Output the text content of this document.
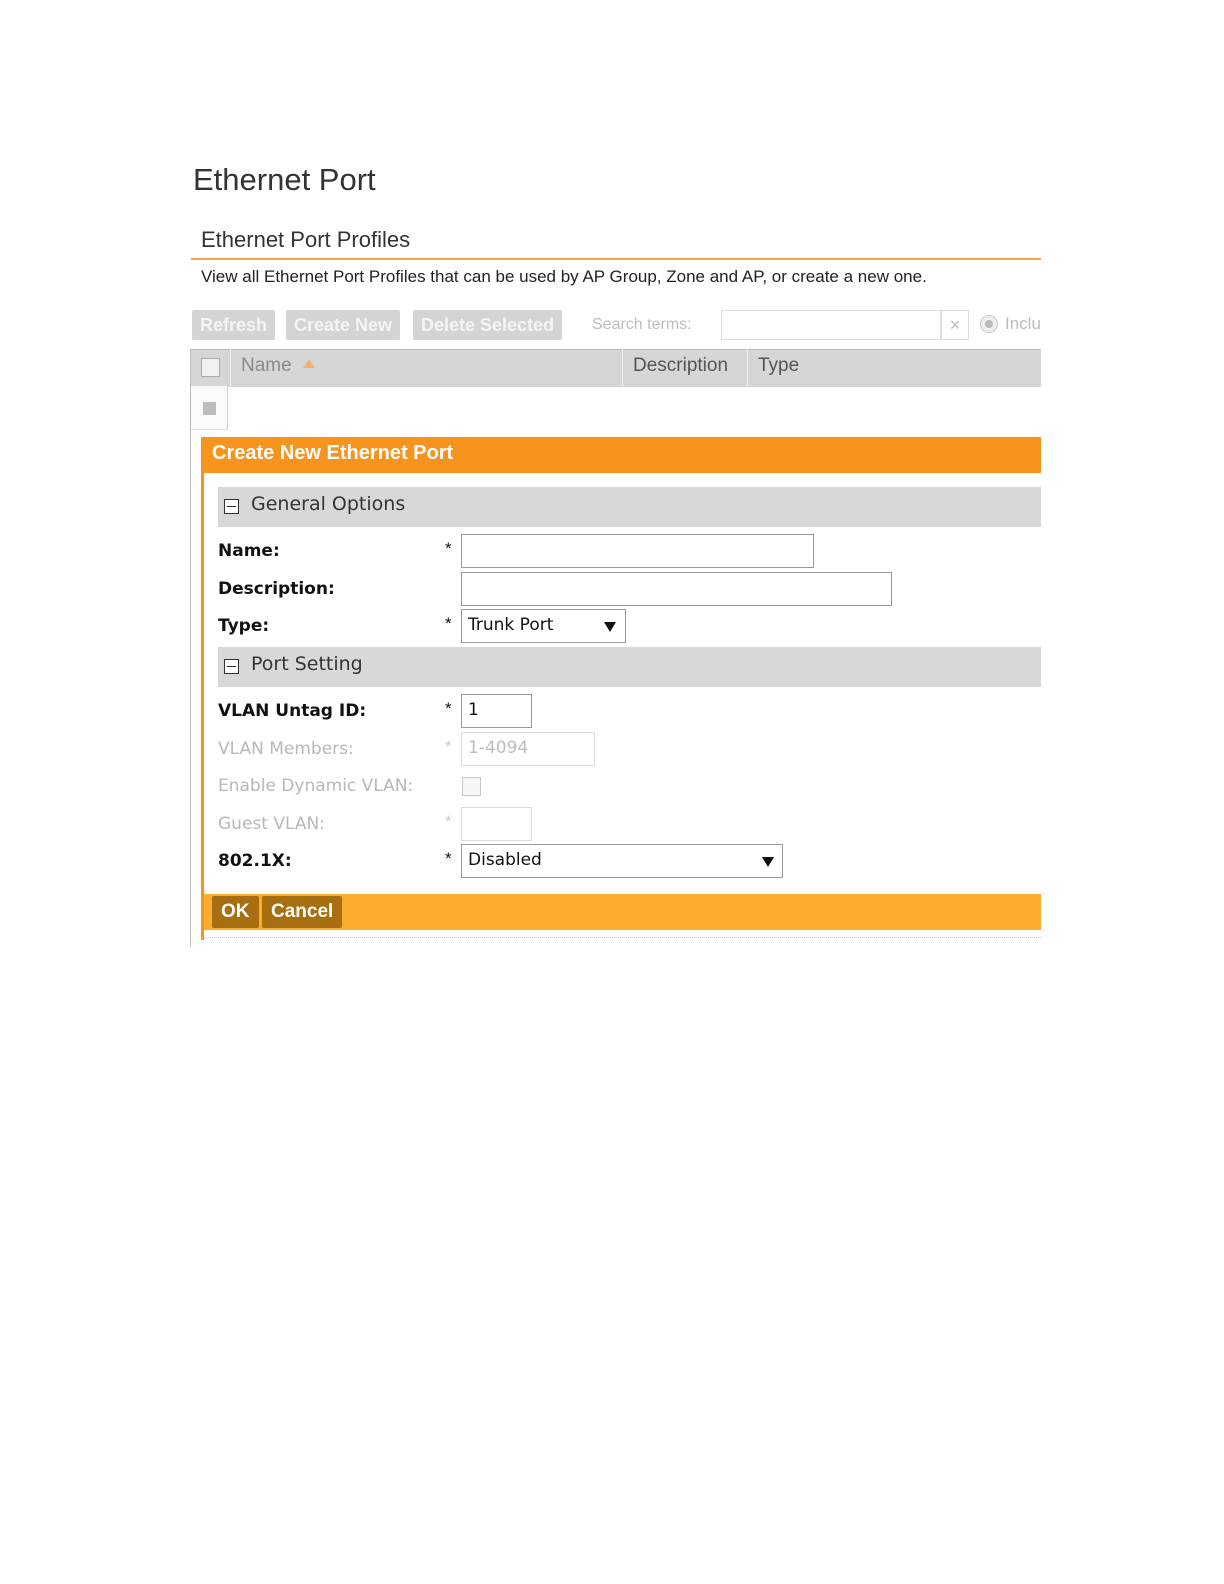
Ethernet Port
Ethernet Port Profiles
View all Ethernet Port Profiles that can be used by AP Group, Zone and AP, or create a new one.
Refresh	Create New	Delete Selected	Search terms:	×	Inclu
Name	Description Type
Create New Ethernet Port
General Options
Name:	*
Description:
Type:	* Trunk Port
Port Setting
VLAN Untag ID:	* 1
VLAN Members:	* 1-4094
Enable Dynamic VLAN:
Guest VLAN:	*
802.1X:	* Disabled
OK	Cancel
